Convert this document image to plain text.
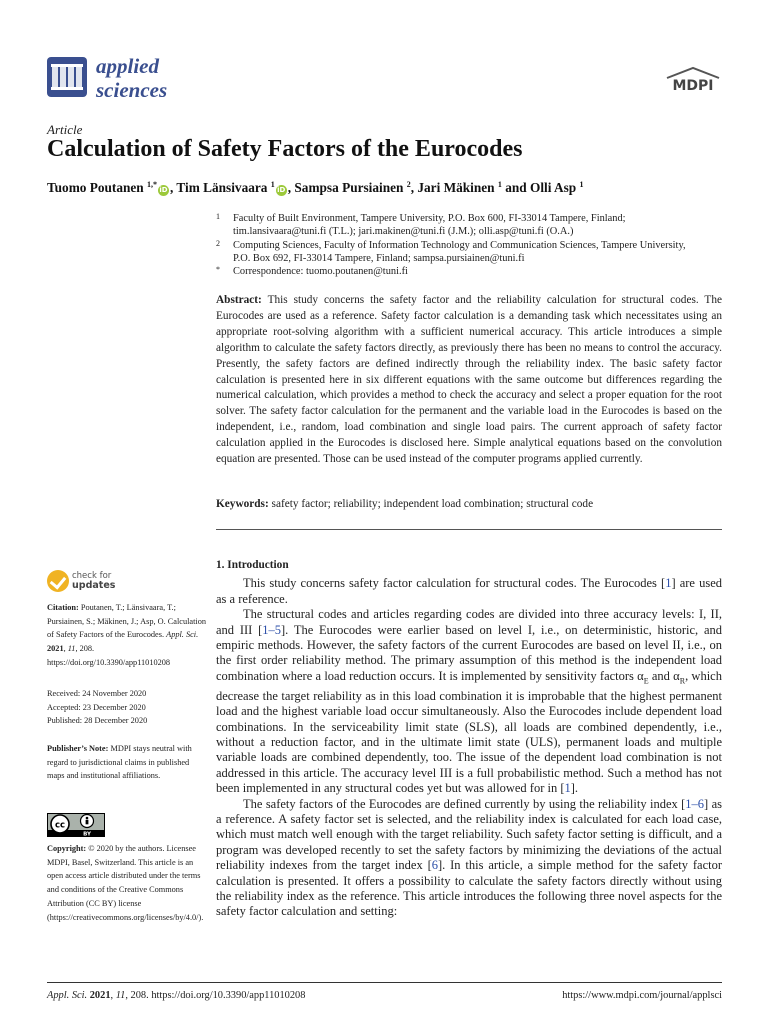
applied
sciences	MDPI
Article
Calculation of Safety Factors of the Eurocodes
Tuomo Poutanen $^{1,*}$iD , Tim Länsivaara $^1$iD , Sampsa Pursiainen $^2$, Jari Mäkinen $^1$ and Olli Asp $^1$
1 Faculty of Built Environment, Tampere University, P.O. Box 600, FI-33014 Tampere, Finland;
tim.lansivaara@tuni.fi (T.L.); jari.makinen@tuni.fi (J.M.); olli.asp@tuni.fi (O.A.)
2 Computing Sciences, Faculty of Information Technology and Communication Sciences, Tampere University,
P.O. Box 692, FI-33014 Tampere, Finland; sampsa.pursiainen@tuni.fi
* Correspondence: tuomo.poutanen@tuni.fi
Abstract: This study concerns the safety factor and the reliability calculation for structural codes. The Eurocodes are used as a reference. Safety factor calculation is a demanding task which necessitates using an appropriate root-solving algorithm with a sufficient numerical accuracy. This article introduces a simple algorithm to calculate the safety factors directly, as previously there has been no means to control the accuracy. Presently, the safety factors are defined indirectly through the reliability index. The basic safety factor calculation is presented here in six different equations with the same outcome but differences regarding the numerical calculation, which provides a method to check the accuracy and select a proper equation for the root solver. The safety factor calculation for the permanent and the variable load in the Eurocodes is based on the independent, i.e., random, load combination and single load pairs. The current approach of safety factor calculation applied in the Eurocodes is disclosed here. Simple analytical equations based on the convolution equation are presented. Those can be used instead of the computer programs applied currently.
Keywords: safety factor; reliability; independent load combination; structural code
check for
updates
Citation: Poutanen, T.; Länsivaara, T.; Pursiainen, S.; Mäkinen, J.; Asp, O. Calculation of Safety Factors of the Eurocodes. Appl. Sci. 2021, 11, 208. https://doi.org/10.3390/app11010208
Received: 24 November 2020
Accepted: 23 December 2020
Published: 28 December 2020
Publisher’s Note: MDPI stays neutral with regard to jurisdictional claims in published maps and institutional affiliations.
cc
BY
Copyright: © 2020 by the authors. Licensee MDPI, Basel, Switzerland. This article is an open access article distributed under the terms and conditions of the Creative Commons Attribution (CC BY) license (https://creativecommons.org/licenses/by/4.0/).
1. Introduction

This study concerns safety factor calculation for structural codes. The Eurocodes [1] are used as a reference.

The structural codes and articles regarding codes are divided into three accuracy levels: I, II, and III [1–5]. The Eurocodes were earlier based on level I, i.e., on deterministic, historic, and empiric methods. However, the safety factors of the current Eurocodes are based on level II, i.e., on the first order reliability method. The primary assumption of this method is the independent load combination where a load reduction occurs. It is implemented by sensitivity factors $\alpha_E$ and $\alpha_R$, which decrease the target reliability as in this load combination it is improbable that the highest permanent load and the highest variable load occur simultaneously. Also the Eurocodes include dependent load combinations. In the serviceability limit state (SLS), all loads are combined dependently, i.e., without a reduction factor, and in the ultimate limit state (ULS), permanent loads and multiple variable loads are combined dependently, too. The issue of the dependent load combination is not addressed in this article. The accuracy level III is a full probabilistic method. Such a method has not been implemented in any structural codes yet but was allowed for in [1].

The safety factors of the Eurocodes are defined currently by using the reliability index [1–6] as a reference. A safety factor set is selected, and the reliability index is calculated for each load case, which must match well enough with the target reliability. Such safety factor setting is difficult, and a program was developed recently to set the safety factors by minimizing the deviations of the actual reliability indexes from the target index [6]. In this article, a simple method for the safety factor calculation is presented. It offers a possibility to calculate the safety factors directly without using the reliability index as the reference. This article introduces the following three novel aspects for the safety factor calculation and setting:

Appl. Sci. 2021, 11, 208. https://doi.org/10.3390/app11010208	https://www.mdpi.com/journal/applsci
